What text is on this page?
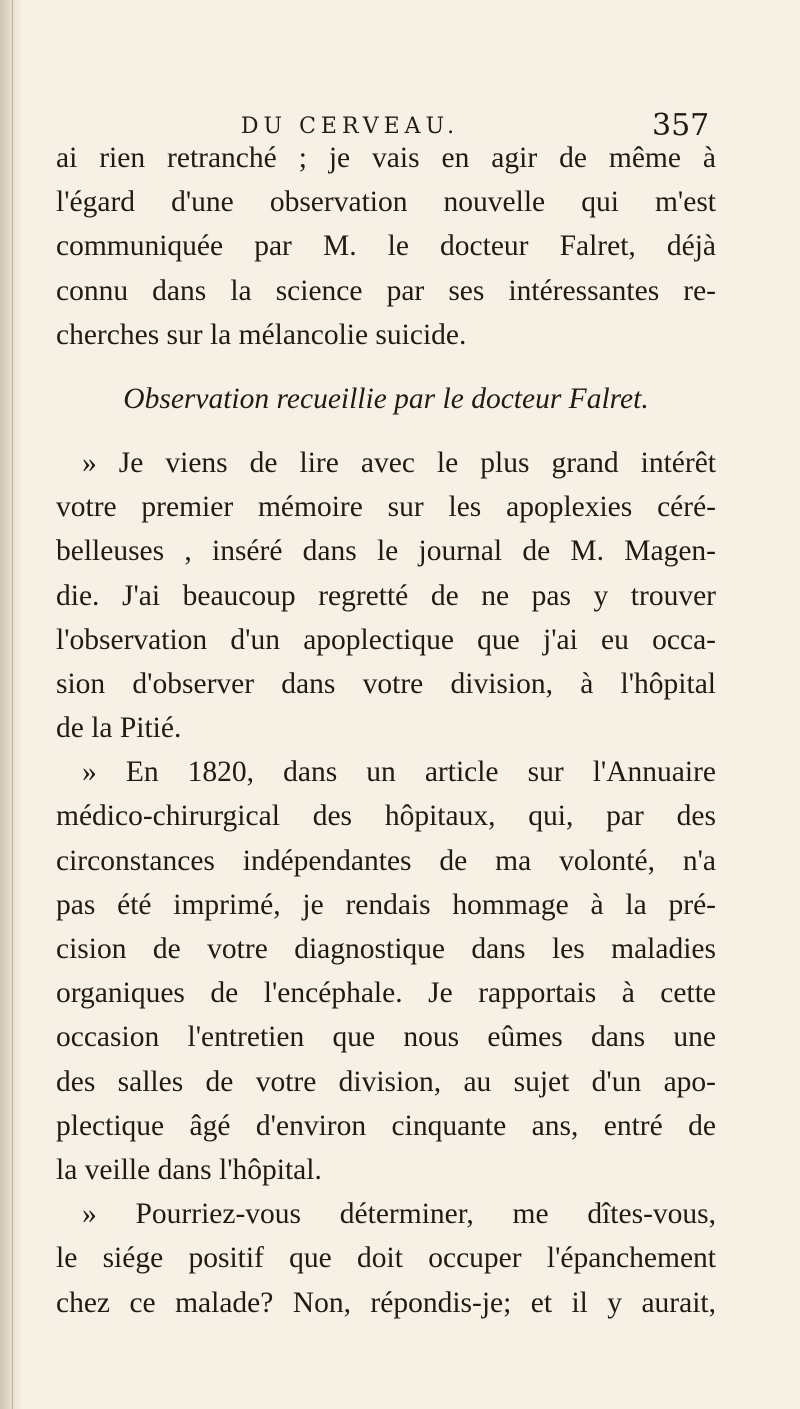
DU CERVEAU.	357
ai rien retranché ; je vais en agir de même à
l'égard d'une observation nouvelle qui m'est
communiquée par M. le docteur Falret, déjà
connu dans la science par ses intéressantes re-
cherches sur la mélancolie suicide.
Observation recueillie par le docteur Falret.
» Je viens de lire avec le plus grand intérêt
votre premier mémoire sur les apoplexies céré-
belleuses , inséré dans le journal de M. Magen-
die. J'ai beaucoup regretté de ne pas y trouver
l'observation d'un apoplectique que j'ai eu occa-
sion d'observer dans votre division, à l'hôpital
de la Pitié.
» En 1820, dans un article sur l'Annuaire
médico-chirurgical des hôpitaux, qui, par des
circonstances indépendantes de ma volonté, n'a
pas été imprimé, je rendais hommage à la pré-
cision de votre diagnostique dans les maladies
organiques de l'encéphale. Je rapportais à cette
occasion l'entretien que nous eûmes dans une
des salles de votre division, au sujet d'un apo-
plectique âgé d'environ cinquante ans, entré de
la veille dans l'hôpital.
» Pourriez-vous déterminer, me dîtes-vous,
le siége positif que doit occuper l'épanchement
chez ce malade? Non, répondis-je; et il y aurait,
